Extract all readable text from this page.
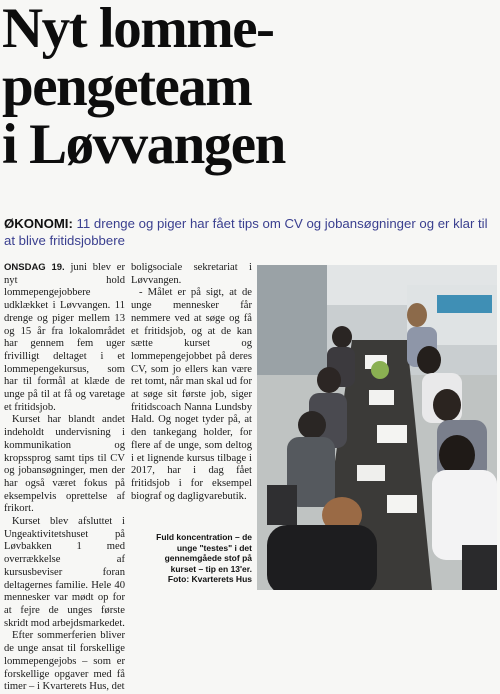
Nyt lomme-
pengeteam
i Løvvangen
ØKONOMI: 11 drenge og piger har fået tips om CV og jobansøgninger og er klar til at blive fritidsjobbere

ONSDAG 19. juni blev er nyt hold lommepengejobbere udklækket i Løvvangen. 11 drenge og piger mellem 13 og 15 år fra lokalområdet har gennem fem uger frivilligt deltaget i et lommepengekursus, som har til formål at klæde de unge på til at få og varetage et fritidsjob.

Kurset har blandt andet indeholdt undervisning i kommunikation og kropssprog samt tips til CV og jobansøgninger, men der har også været fokus på eksempelvis oprettelse af frikort.

Kurset blev afsluttet i Ungeaktivitetshuset på Løvbakken 1 med overrækkelse af kursusbeviser foran deltagernes familie. Hele 40 mennesker var mødt op for at fejre de unges første skridt mod arbejdsmarkedet.

Efter sommerferien bliver de unge ansat til forskellige lommepengejobs – som er forskellige opgaver med få timer – i Kvarterets Hus, det

boligsociale sekretariat i Løvvangen.

- Målet er på sigt, at de unge mennesker får nemmere ved at søge og få et fritidsjob, og at de kan sætte kurset og lommepengejobbet på deres CV, som jo ellers kan være ret tomt, når man skal ud for at søge sit første job, siger fritidscoach Nanna Lundsby Hald. Og noget tyder på, at den tankegang holder, for flere af de unge, som deltog i et lignende kursus tilbage i 2017, har i dag fået fritidsjob i for eksempel biograf og dagligvarebutik.

Fuld koncentration – de unge "testes" i det gennemgåede stof på kurset – tip en 13'er. Foto: Kvarterets Hus
